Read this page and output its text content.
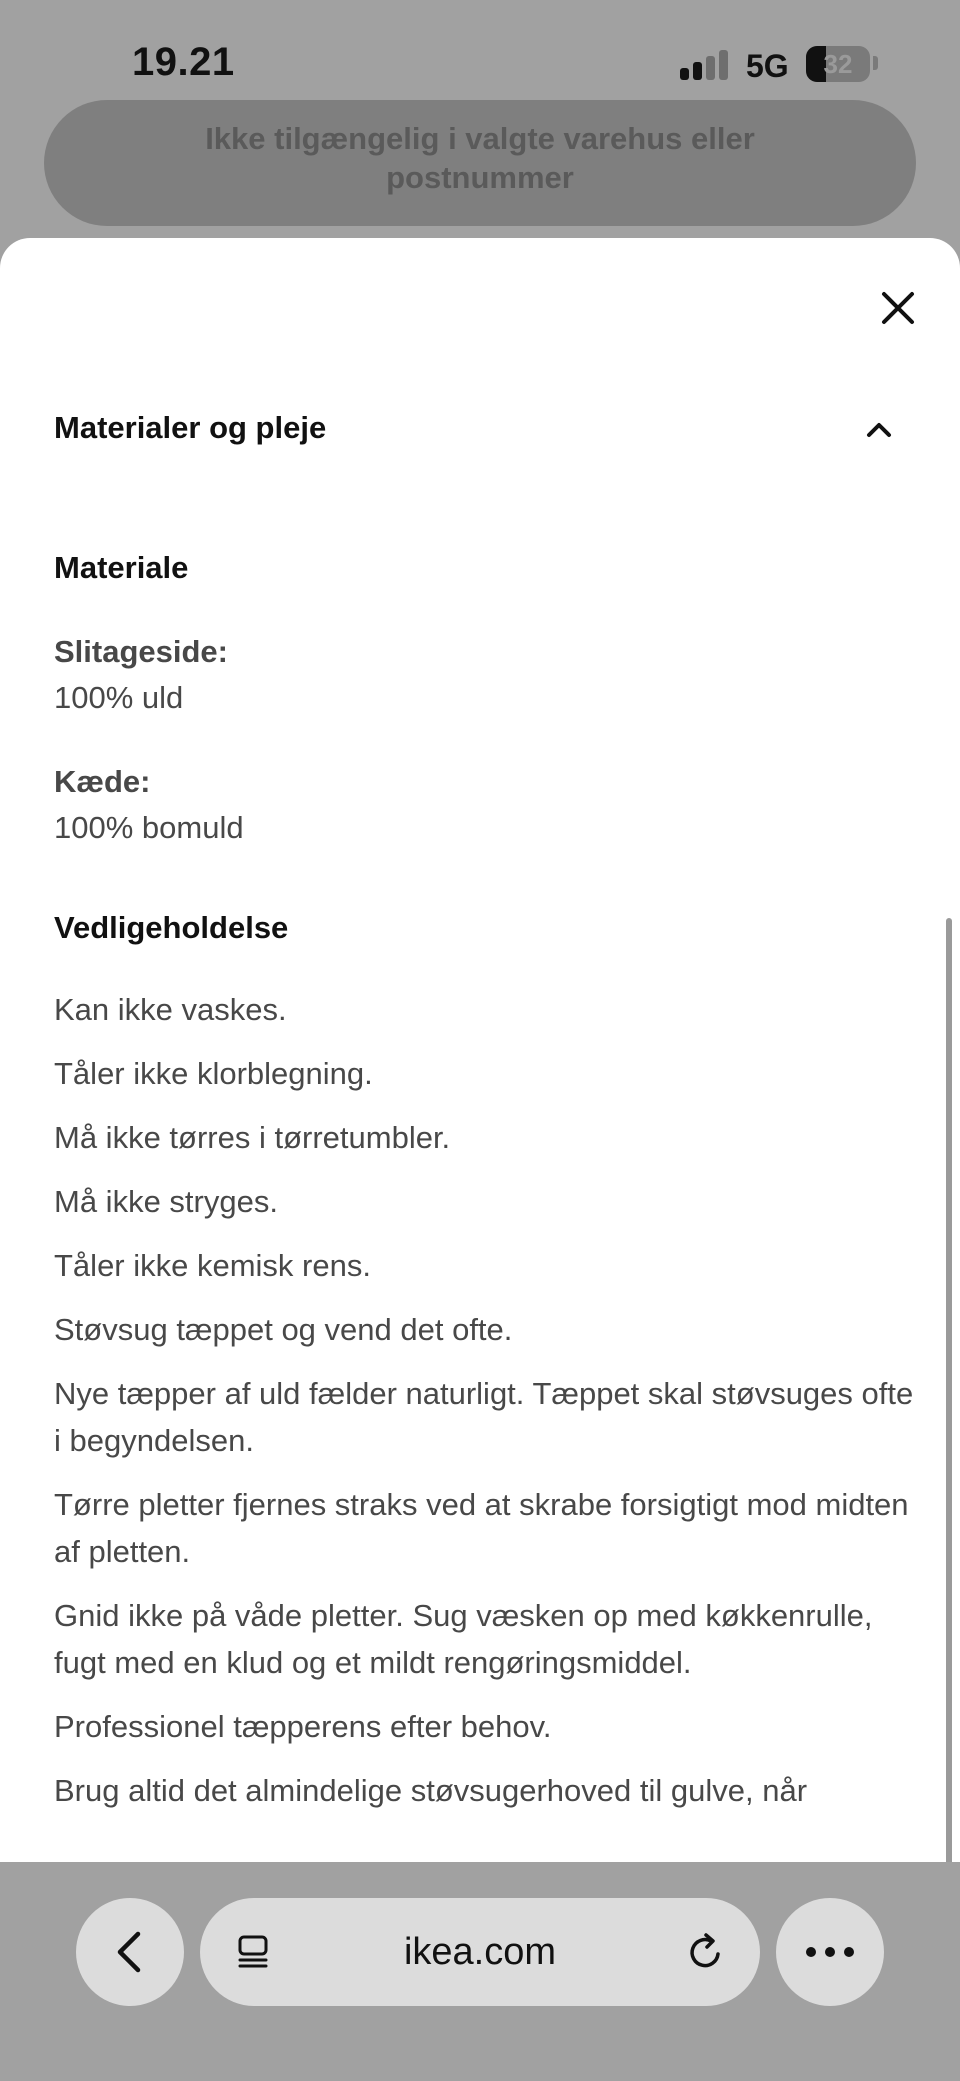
19.21	5G	32
Ikke tilgængelig i valgte varehus eller postnummer
Materialer og pleje
Materiale
Slitageside:
100% uld
Kæde:
100% bomuld
Vedligeholdelse
Kan ikke vaskes.
Tåler ikke klorblegning.
Må ikke tørres i tørretumbler.
Må ikke stryges.
Tåler ikke kemisk rens.
Støvsug tæppet og vend det ofte.
Nye tæpper af uld fælder naturligt. Tæppet skal støvsuges ofte i begyndelsen.
Tørre pletter fjernes straks ved at skrabe forsigtigt mod midten af pletten.
Gnid ikke på våde pletter. Sug væsken op med køkkenrulle, fugt med en klud og et mildt rengøringsmiddel.
Professionel tæpperens efter behov.
Brug altid det almindelige støvsugerhoved til gulve, når
ikea.com
